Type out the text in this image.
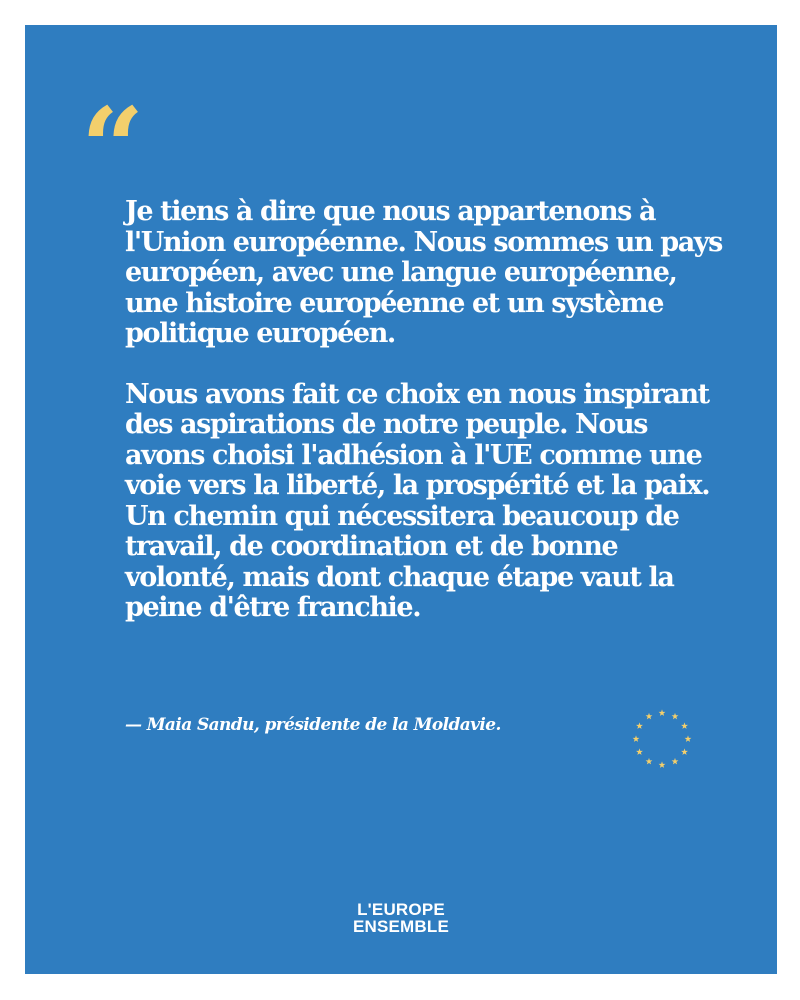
“

Je tiens à dire que nous appartenons à l'Union européenne. Nous sommes un pays européen, avec une langue européenne, une histoire européenne et un système politique européen.

Nous avons fait ce choix en nous inspirant des aspirations de notre peuple. Nous avons choisi l'adhésion à l'UE comme une voie vers la liberté, la prospérité et la paix. Un chemin qui nécessitera beaucoup de travail, de coordination et de bonne volonté, mais dont chaque étape vaut la peine d'être franchie.

— Maia Sandu, présidente de la Moldavie.
L'EUROPE
ENSEMBLE
